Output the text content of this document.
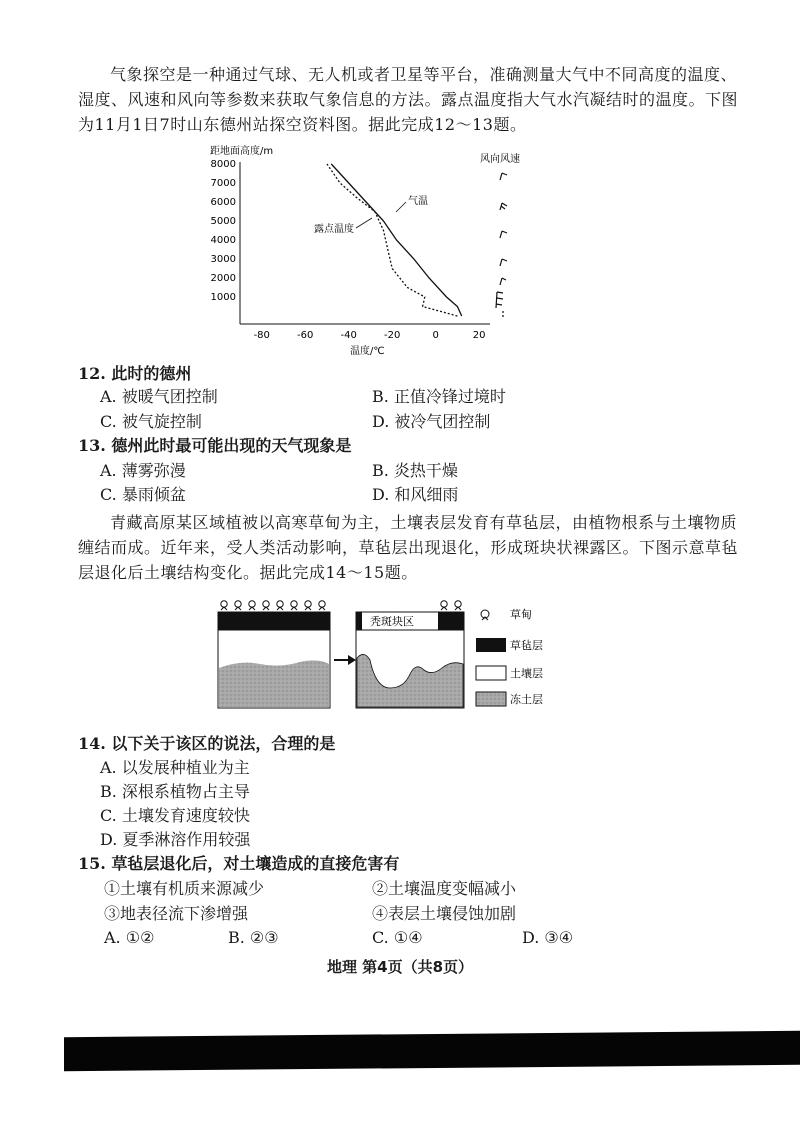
气象探空是一种通过气球、无人机或者卫星等平台，准确测量大气中不同高度的温度、湿度、风速和风向等参数来获取气象信息的方法。露点温度指大气水汽凝结时的温度。下图为11月1日7时山东德州站探空资料图。据此完成12～13题。
距地面高度/m
风向风速
8000
7000
6000
5000
4000
3000
2000
1000
-80	-60	-40	-20	0	20
气温
露点温度
温度/℃
12. 此时的德州
A. 被暖气团控制	B. 正值冷锋过境时
C. 被气旋控制	D. 被冷气团控制
13. 德州此时最可能出现的天气现象是
A. 薄雾弥漫	B. 炎热干燥
C. 暴雨倾盆	D. 和风细雨
青藏高原某区域植被以高寒草甸为主，土壤表层发育有草毡层，由植物根系与土壤物质缠结而成。近年来，受人类活动影响，草毡层出现退化，形成斑块状裸露区。下图示意草毡层退化后土壤结构变化。据此完成14～15题。
秃斑块区
草甸
草毡层
土壤层
冻土层
14. 以下关于该区的说法，合理的是
A. 以发展种植业为主
B. 深根系植物占主导
C. 土壤发育速度较快
D. 夏季淋溶作用较强
15. 草毡层退化后，对土壤造成的直接危害有
①土壤有机质来源减少	②土壤温度变幅减小
③地表径流下渗增强	④表层土壤侵蚀加剧
A. ①②	B. ②③	C. ①④	D. ③④
地理 第4页（共8页）
